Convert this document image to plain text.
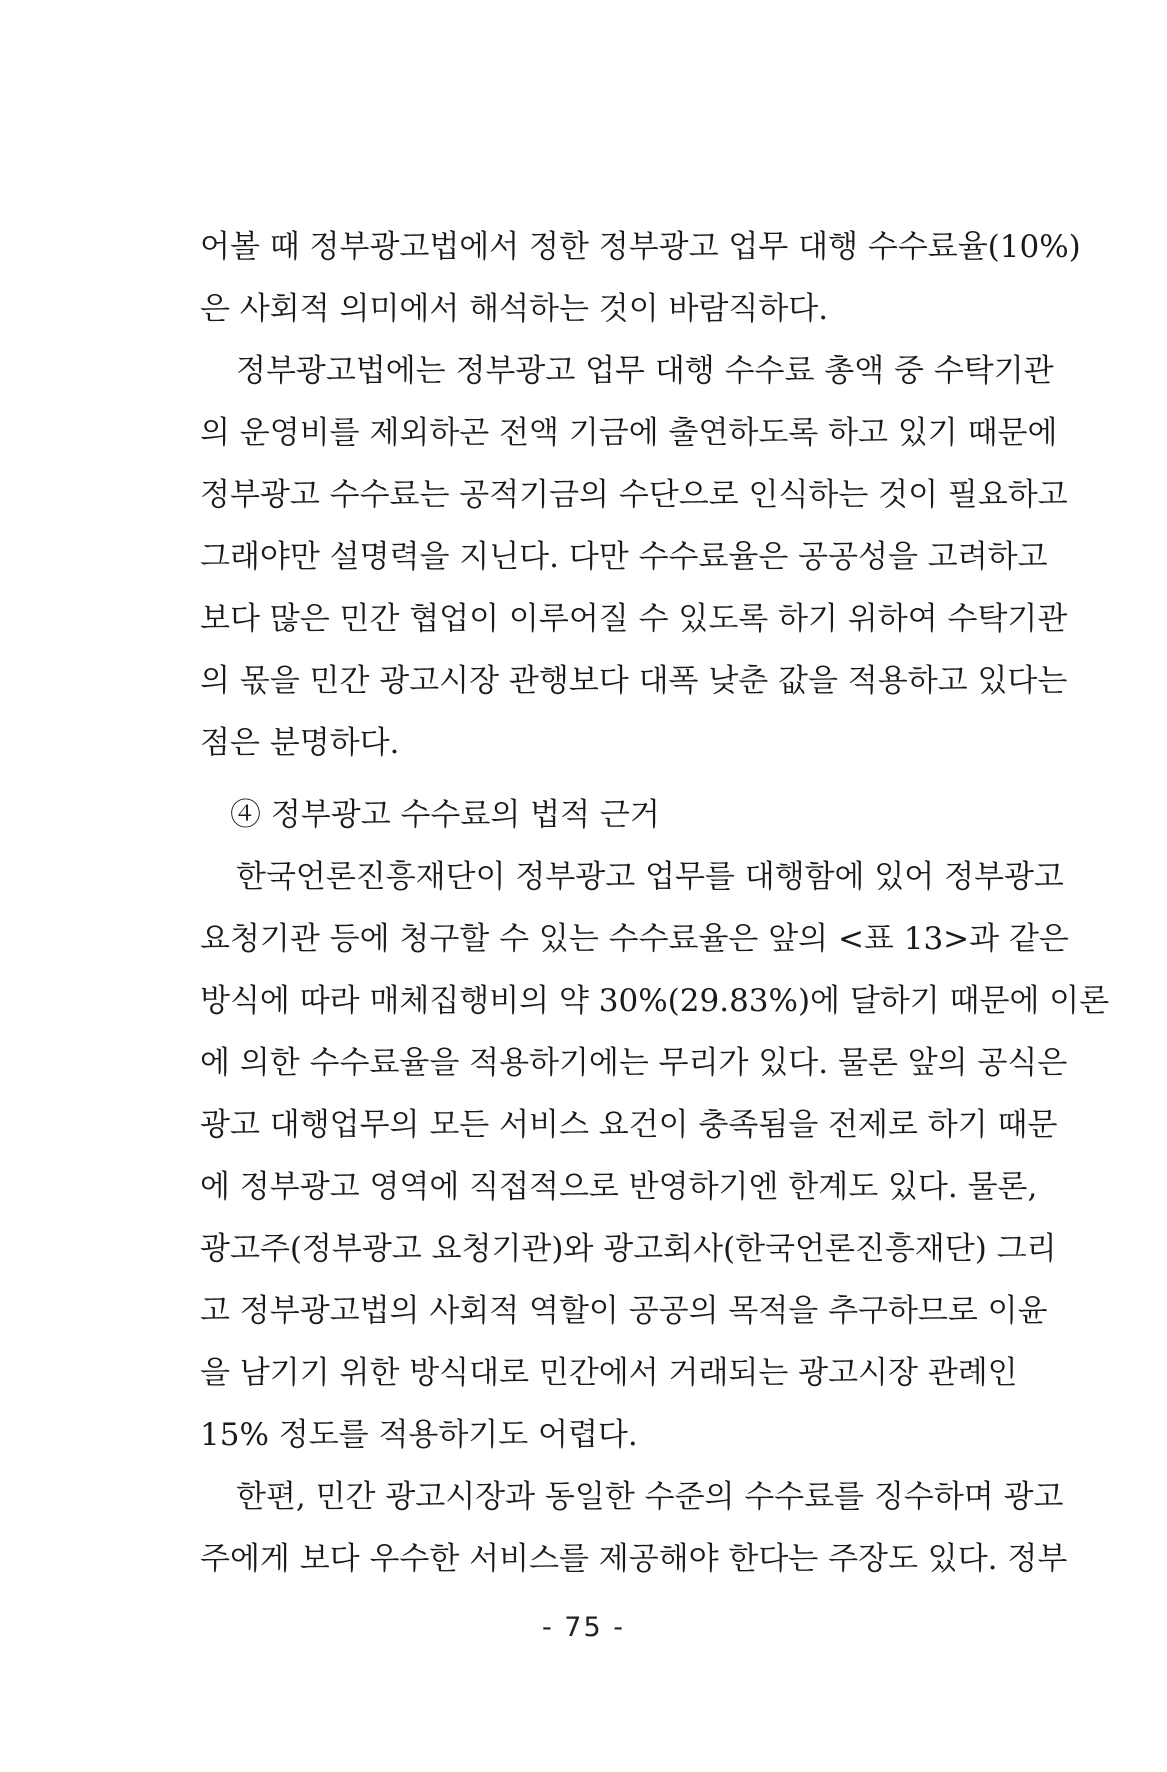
어볼 때 정부광고법에서 정한 정부광고 업무 대행 수수료율(10%)
은 사회적 의미에서 해석하는 것이 바람직하다.
정부광고법에는 정부광고 업무 대행 수수료 총액 중 수탁기관
의 운영비를 제외하곤 전액 기금에 출연하도록 하고 있기 때문에
정부광고 수수료는 공적기금의 수단으로 인식하는 것이 필요하고
그래야만 설명력을 지닌다. 다만 수수료율은 공공성을 고려하고
보다 많은 민간 협업이 이루어질 수 있도록 하기 위하여 수탁기관
의 몫을 민간 광고시장 관행보다 대폭 낮춘 값을 적용하고 있다는
점은 분명하다.
④ 정부광고 수수료의 법적 근거
한국언론진흥재단이 정부광고 업무를 대행함에 있어 정부광고
요청기관 등에 청구할 수 있는 수수료율은 앞의 <표 13>과 같은
방식에 따라 매체집행비의 약 30%(29.83%)에 달하기 때문에 이론
에 의한 수수료율을 적용하기에는 무리가 있다. 물론 앞의 공식은
광고 대행업무의 모든 서비스 요건이 충족됨을 전제로 하기 때문
에 정부광고 영역에 직접적으로 반영하기엔 한계도 있다. 물론,
광고주(정부광고 요청기관)와 광고회사(한국언론진흥재단) 그리
고 정부광고법의 사회적 역할이 공공의 목적을 추구하므로 이윤
을 남기기 위한 방식대로 민간에서 거래되는 광고시장 관례인
15% 정도를 적용하기도 어렵다.
한편, 민간 광고시장과 동일한 수준의 수수료를 징수하며 광고
주에게 보다 우수한 서비스를 제공해야 한다는 주장도 있다. 정부
- 75 -
